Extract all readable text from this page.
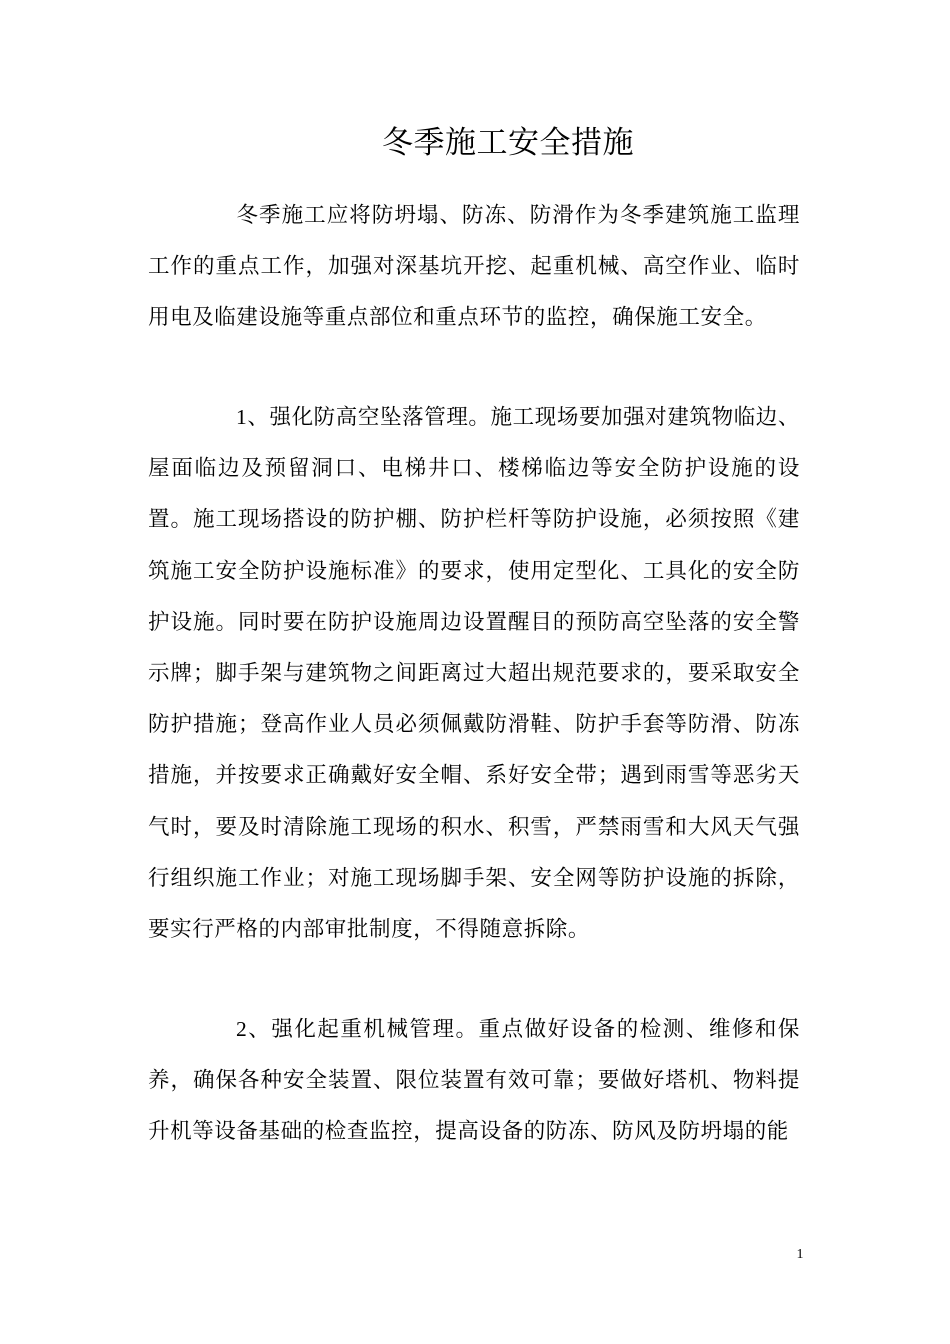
冬季施工安全措施

冬季施工应将防坍塌、防冻、防滑作为冬季建筑施工监理工作的重点工作，加强对深基坑开挖、起重机械、高空作业、临时用电及临建设施等重点部位和重点环节的监控，确保施工安全。

1、强化防高空坠落管理。施工现场要加强对建筑物临边、屋面临边及预留洞口、电梯井口、楼梯临边等安全防护设施的设置。施工现场搭设的防护棚、防护栏杆等防护设施，必须按照《建筑施工安全防护设施标准》的要求，使用定型化、工具化的安全防护设施。同时要在防护设施周边设置醒目的预防高空坠落的安全警示牌；脚手架与建筑物之间距离过大超出规范要求的，要采取安全防护措施；登高作业人员必须佩戴防滑鞋、防护手套等防滑、防冻措施，并按要求正确戴好安全帽、系好安全带；遇到雨雪等恶劣天气时，要及时清除施工现场的积水、积雪，严禁雨雪和大风天气强行组织施工作业；对施工现场脚手架、安全网等防护设施的拆除，要实行严格的内部审批制度，不得随意拆除。

2、强化起重机械管理。重点做好设备的检测、维修和保养，确保各种安全装置、限位装置有效可靠；要做好塔机、物料提升机等设备基础的检查监控，提高设备的防冻、防风及防坍塌的能

1
